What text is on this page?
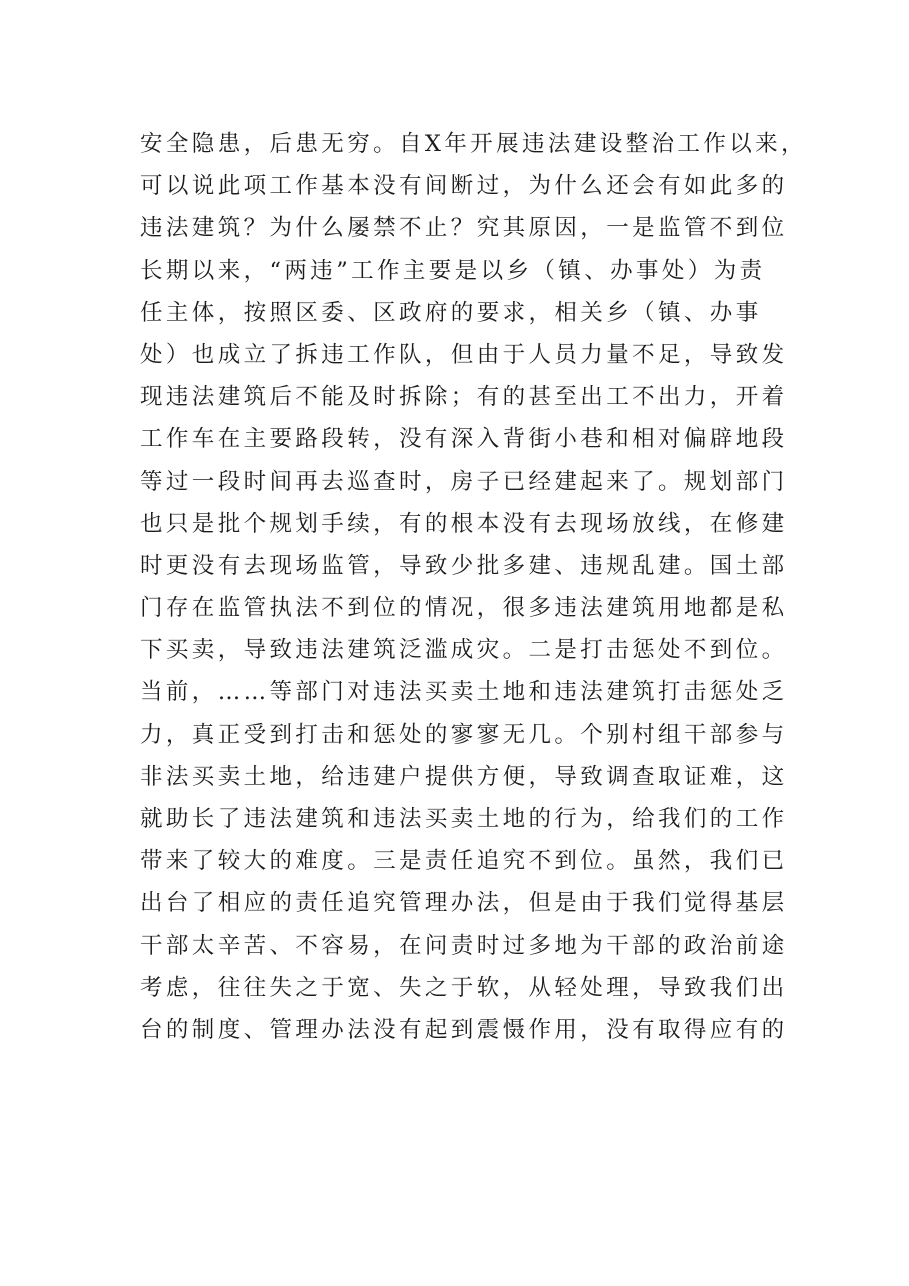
安全隐患，后患无穷。自X年开展违法建设整治工作以来，
可以说此项工作基本没有间断过，为什么还会有如此多的
违法建筑？为什么屡禁不止？究其原因，一是监管不到位
长期以来，“两违”工作主要是以乡（镇、办事处）为责
任主体，按照区委、区政府的要求，相关乡（镇、办事
处）也成立了拆违工作队，但由于人员力量不足，导致发
现违法建筑后不能及时拆除；有的甚至出工不出力，开着
工作车在主要路段转，没有深入背街小巷和相对偏辟地段
等过一段时间再去巡查时，房子已经建起来了。规划部门
也只是批个规划手续，有的根本没有去现场放线，在修建
时更没有去现场监管，导致少批多建、违规乱建。国土部
门存在监管执法不到位的情况，很多违法建筑用地都是私
下买卖，导致违法建筑泛滥成灾。二是打击惩处不到位。
当前，……等部门对违法买卖土地和违法建筑打击惩处乏
力，真正受到打击和惩处的寥寥无几。个别村组干部参与
非法买卖土地，给违建户提供方便，导致调查取证难，这
就助长了违法建筑和违法买卖土地的行为，给我们的工作
带来了较大的难度。三是责任追究不到位。虽然，我们已
出台了相应的责任追究管理办法，但是由于我们觉得基层
干部太辛苦、不容易，在问责时过多地为干部的政治前途
考虑，往往失之于宽、失之于软，从轻处理，导致我们出
台的制度、管理办法没有起到震慑作用，没有取得应有的
